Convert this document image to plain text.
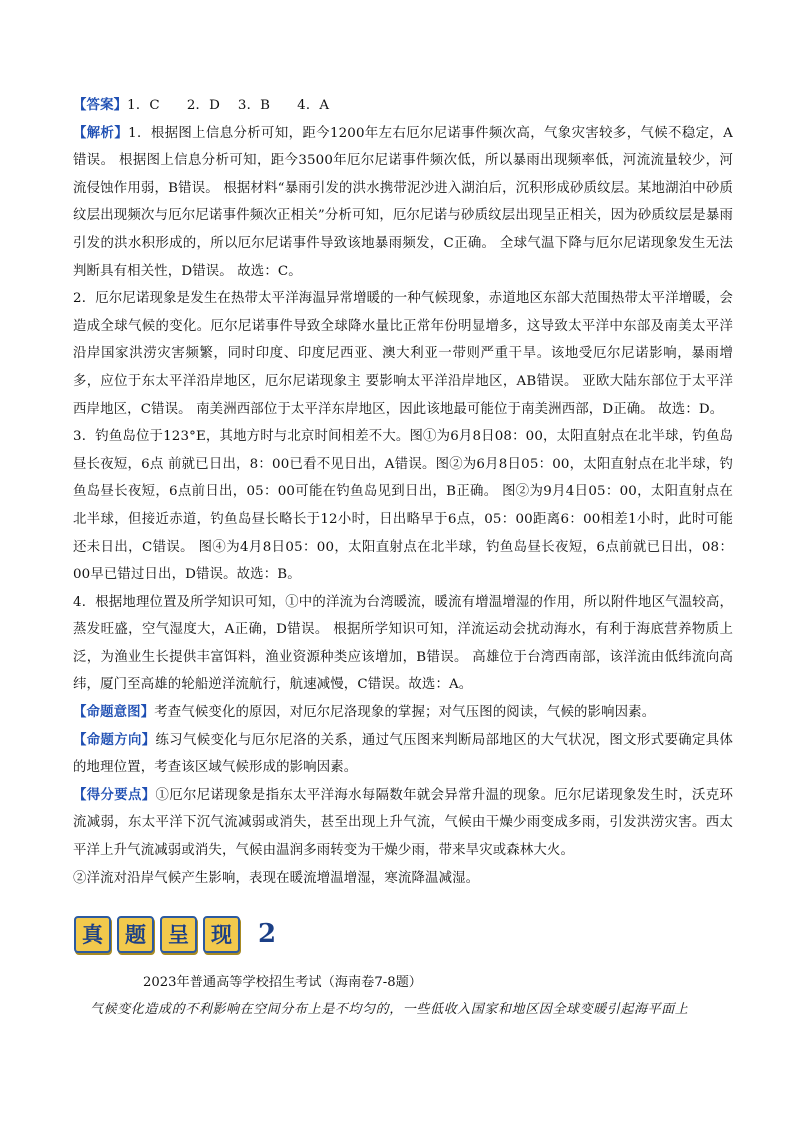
【答案】1．C　　2．D　 3．B　　4．A

【解析】1．根据图上信息分析可知，距今1200年左右厄尔尼诺事件频次高，气象灾害较多，气候不稳定，A错误。 根据图上信息分析可知，距今3500年厄尔尼诺事件频次低，所以暴雨出现频率低，河流流量较少，河流侵蚀作用弱，B错误。 根据材料“暴雨引发的洪水携带泥沙进入湖泊后，沉积形成砂质纹层。某地湖泊中砂质纹层出现频次与厄尔尼诺事件频次正相关”分析可知，厄尔尼诺与砂质纹层出现呈正相关，因为砂质纹层是暴雨引发的洪水积形成的，所以厄尔尼诺事件导致该地暴雨频发，C正确。 全球气温下降与厄尔尼诺现象发生无法判断具有相关性，D错误。 故选：C。

2．厄尔尼诺现象是发生在热带太平洋海温异常增暖的一种气候现象，赤道地区东部大范围热带太平洋增暖，会造成全球气候的变化。厄尔尼诺事件导致全球降水量比正常年份明显增多，这导致太平洋中东部及南美太平洋沿岸国家洪涝灾害频繁，同时印度、印度尼西亚、澳大利亚一带则严重干旱。该地受厄尔尼诺影响，暴雨增多，应位于东太平洋沿岸地区，厄尔尼诺现象主 要影响太平洋沿岸地区，AB错误。 亚欧大陆东部位于太平洋西岸地区，C错误。 南美洲西部位于太平洋东岸地区，因此该地最可能位于南美洲西部，D正确。 故选：D。

3．钓鱼岛位于123°E，其地方时与北京时间相差不大。图①为6月8日08：00，太阳直射点在北半球，钓鱼岛昼长夜短，6点 前就已日出，8：00已看不见日出，A错误。图②为6月8日05：00，太阳直射点在北半球，钓鱼岛昼长夜短，6点前日出，05：00可能在钓鱼岛见到日出，B正确。 图②为9月4日05：00，太阳直射点在北半球，但接近赤道，钓鱼岛昼长略长于12小时，日出略早于6点，05：00距离6：00相差1小时，此时可能还未日出，C错误。 图④为4月8日05：00，太阳直射点在北半球，钓鱼岛昼长夜短，6点前就已日出，08：00早已错过日出，D错误。故选：B。

4．根据地理位置及所学知识可知，①中的洋流为台湾暖流，暖流有增温增湿的作用，所以附件地区气温较高，蒸发旺盛，空气湿度大，A正确，D错误。 根据所学知识可知，洋流运动会扰动海水，有利于海底营养物质上泛，为渔业生长提供丰富饵料，渔业资源种类应该增加，B错误。 高雄位于台湾西南部，该洋流由低纬流向高纬，厦门至高雄的轮船逆洋流航行，航速减慢，C错误。故选：A。

【命题意图】考查气候变化的原因，对厄尔尼洛现象的掌握；对气压图的阅读，气候的影响因素。

【命题方向】练习气候变化与厄尔尼洛的关系，通过气压图来判断局部地区的大气状况，图文形式要确定具体的地理位置，考查该区域气候形成的影响因素。

【得分要点】①厄尔尼诺现象是指东太平洋海水每隔数年就会异常升温的现象。厄尔尼诺现象发生时，沃克环流减弱，东太平洋下沉气流减弱或消失，甚至出现上升气流，气候由干燥少雨变成多雨，引发洪涝灾害。西太平洋上升气流减弱或消失，气候由温润多雨转变为干燥少雨，带来旱灾或森林大火。

②洋流对沿岸气候产生影响，表现在暖流增温增湿，寒流降温减湿。

真	题	呈	现	2
2023年普通高等学校招生考试（海南卷7-8题）
气候变化造成的不利影响在空间分布上是不均匀的，一些低收入国家和地区因全球变暖引起海平面上
